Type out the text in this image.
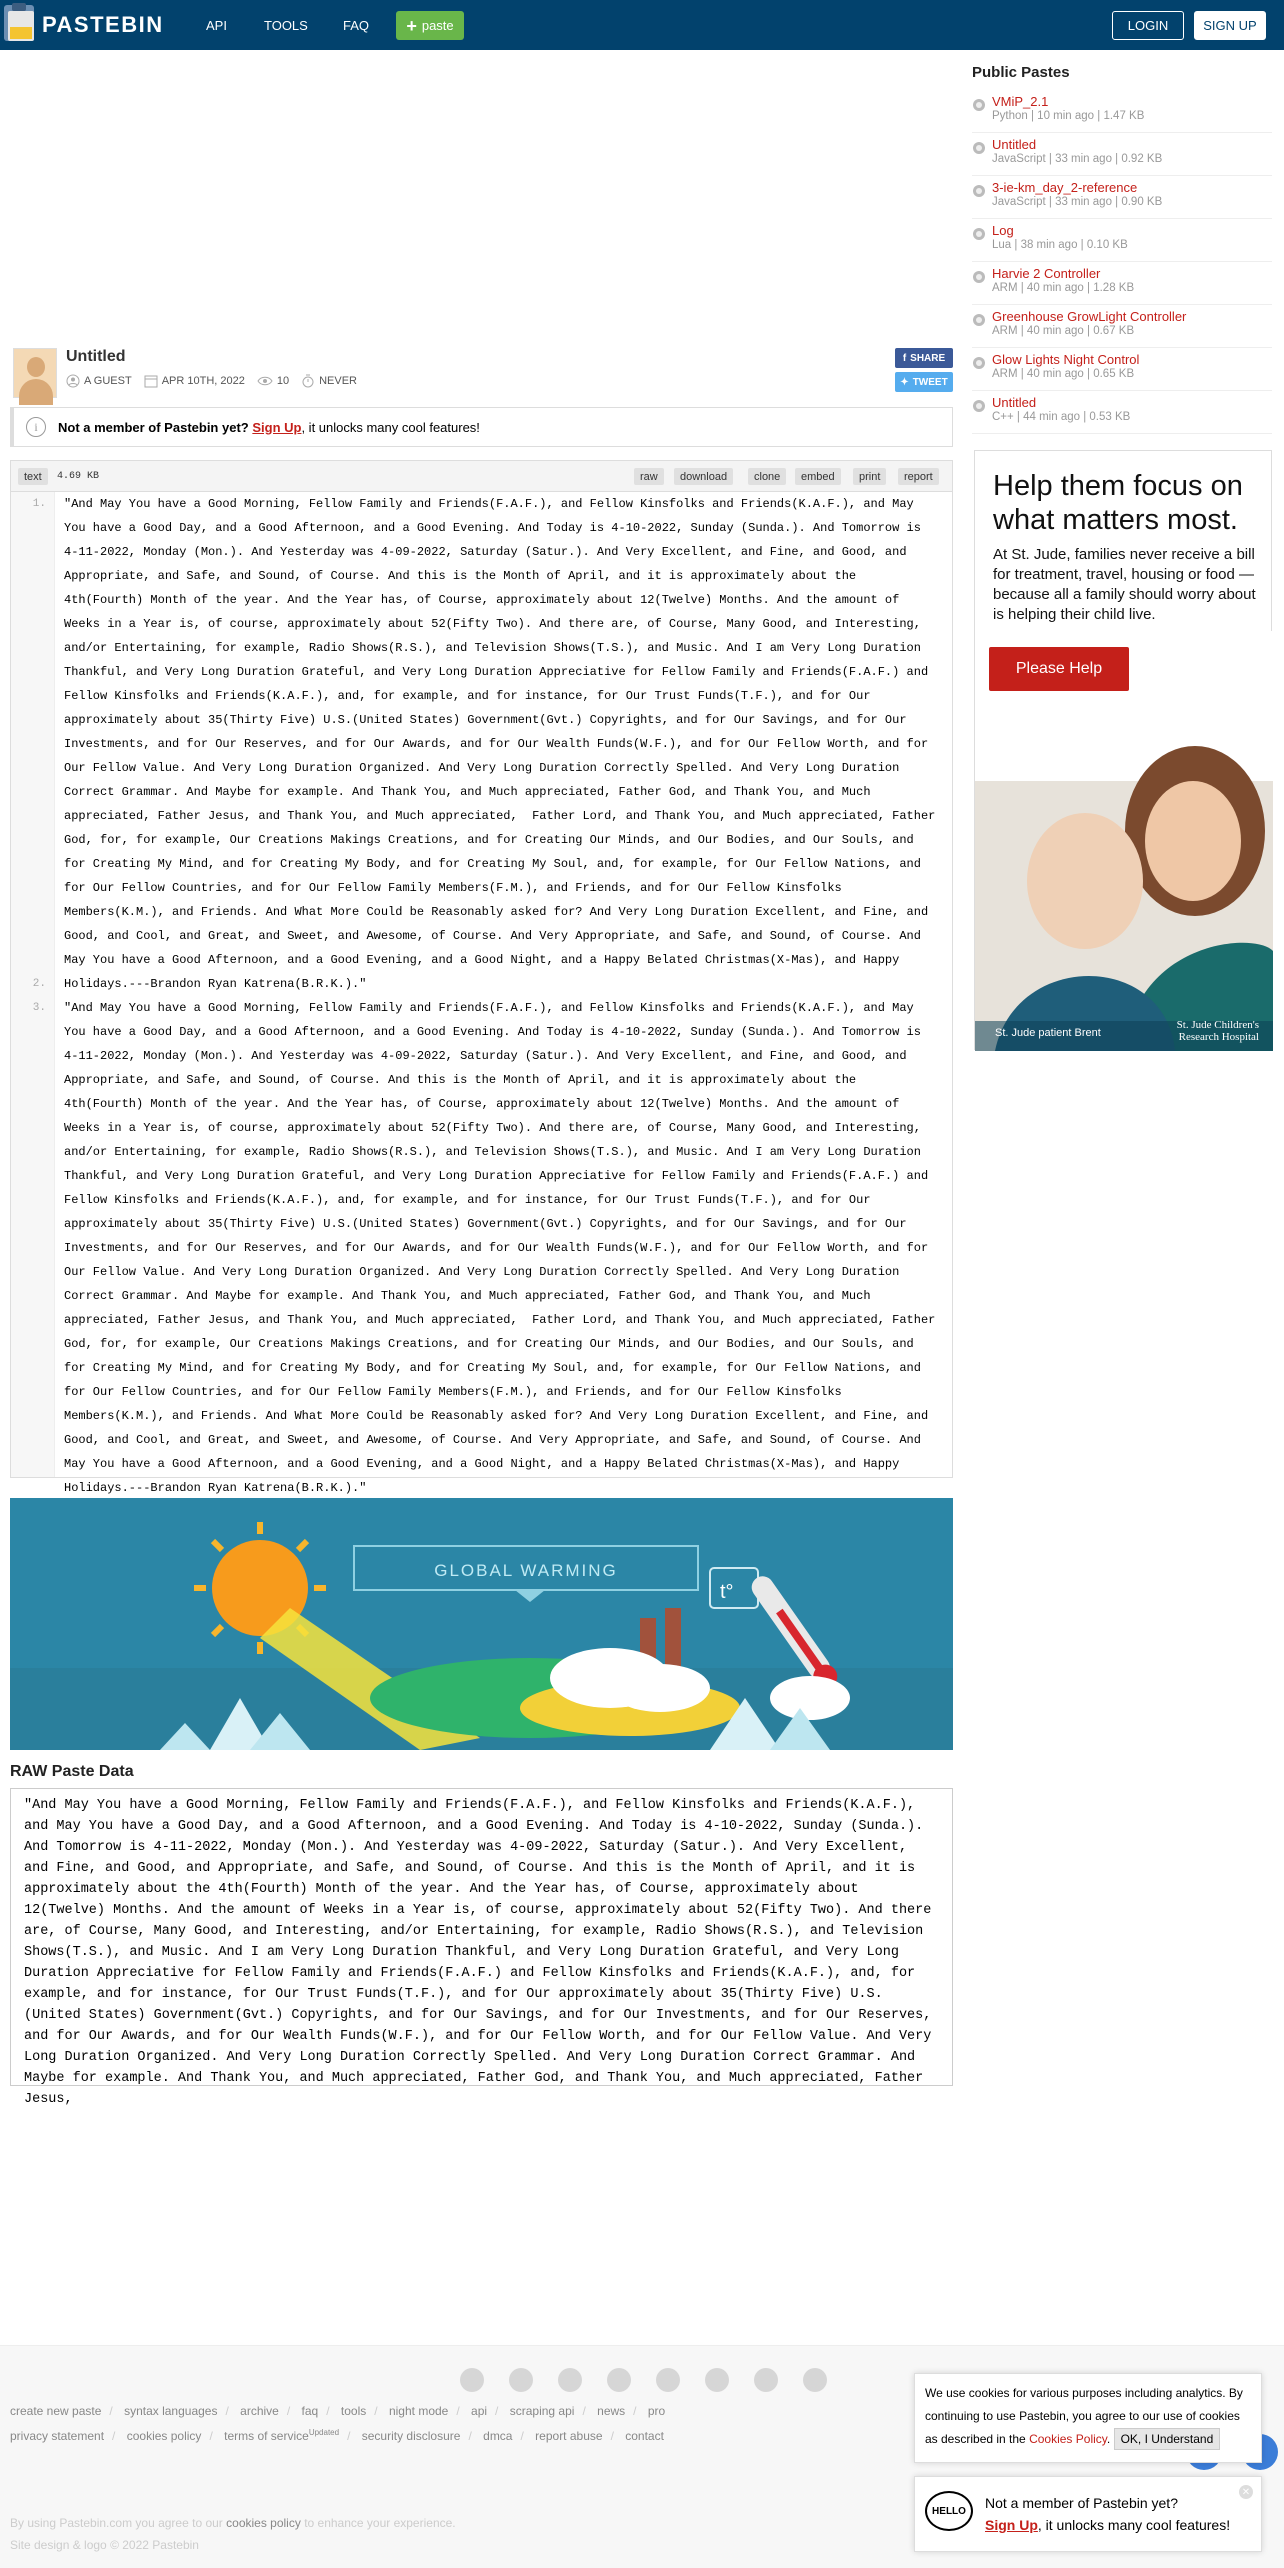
PASTEBIN	API	TOOLS	FAQ + paste	LOGIN	SIGN UP
Untitled
A GUEST	APR 10TH, 2022	10	NEVER
f SHARE
✦ TWEET
i	Not a member of Pastebin yet?
Sign Up , it unlocks many cool features!
text	4.69 KB	raw	download	clone	embed	print	report
1.
2.
3.
"And May You have a Good Morning, Fellow Family and Friends(F.A.F.), and Fellow Kinsfolks and Friends(K.A.F.), and May You have a Good Day, and a Good Afternoon, and a Good Evening. And Today is 4-10-2022, Sunday (Sunda.). And Tomorrow is 4-11-2022, Monday (Mon.). And Yesterday was 4-09-2022, Saturday (Satur.). And Very Excellent, and Fine, and Good, and Appropriate, and Safe, and Sound, of Course. And this is the Month of April, and it is approximately about the 4th(Fourth) Month of the year. And the Year has, of Course, approximately about 12(Twelve) Months. And the amount of Weeks in a Year is, of course, approximately about 52(Fifty Two). And there are, of Course, Many Good, and Interesting, and/or Entertaining, for example, Radio Shows(R.S.), and Television Shows(T.S.), and Music. And I am Very Long Duration Thankful, and Very Long Duration Grateful, and Very Long Duration Appreciative for Fellow Family and Friends(F.A.F.) and Fellow Kinsfolks and Friends(K.A.F.), and, for example, and for instance, for Our Trust Funds(T.F.), and for Our approximately about 35(Thirty Five) U.S.(United States) Government(Gvt.) Copyrights, and for Our Savings, and for Our Investments, and for Our Reserves, and for Our Awards, and for Our Wealth Funds(W.F.), and for Our Fellow Worth, and for Our Fellow Value. And Very Long Duration Organized. And Very Long Duration Correctly Spelled. And Very Long Duration Correct Grammar. And Maybe for example. And Thank You, and Much appreciated, Father God, and Thank You, and Much appreciated, Father Jesus, and Thank You, and Much appreciated,  Father Lord, and Thank You, and Much appreciated, Father God, for, for example, Our Creations Makings Creations, and for Creating Our Minds, and Our Bodies, and Our Souls, and for Creating My Mind, and for Creating My Body, and for Creating My Soul, and, for example, for Our Fellow Nations, and for Our Fellow Countries, and for Our Fellow Family Members(F.M.), and Friends, and for Our Fellow Kinsfolks Members(K.M.), and Friends. And What More Could be Reasonably asked for? And Very Long Duration Excellent, and Fine, and Good, and Cool, and Great, and Sweet, and Awesome, of Course. And Very Appropriate, and Safe, and Sound, of Course. And May You have a Good Afternoon, and a Good Evening, and a Good Night, and a Happy Belated Christmas(X-Mas), and Happy Holidays.---Brandon Ryan Katrena(B.R.K.)."
"And May You have a Good Morning, Fellow Family and Friends(F.A.F.), and Fellow Kinsfolks and Friends(K.A.F.), and May You have a Good Day, and a Good Afternoon, and a Good Evening. And Today is 4-10-2022, Sunday (Sunda.). And Tomorrow is 4-11-2022, Monday (Mon.). And Yesterday was 4-09-2022, Saturday (Satur.). And Very Excellent, and Fine, and Good, and Appropriate, and Safe, and Sound, of Course. And this is the Month of April, and it is approximately about the 4th(Fourth) Month of the year. And the Year has, of Course, approximately about 12(Twelve) Months. And the amount of Weeks in a Year is, of course, approximately about 52(Fifty Two). And there are, of Course, Many Good, and Interesting, and/or Entertaining, for example, Radio Shows(R.S.), and Television Shows(T.S.), and Music. And I am Very Long Duration Thankful, and Very Long Duration Grateful, and Very Long Duration Appreciative for Fellow Family and Friends(F.A.F.) and Fellow Kinsfolks and Friends(K.A.F.), and, for example, and for instance, for Our Trust Funds(T.F.), and for Our approximately about 35(Thirty Five) U.S.(United States) Government(Gvt.) Copyrights, and for Our Savings, and for Our Investments, and for Our Reserves, and for Our Awards, and for Our Wealth Funds(W.F.), and for Our Fellow Worth, and for Our Fellow Value. And Very Long Duration Organized. And Very Long Duration Correctly Spelled. And Very Long Duration Correct Grammar. And Maybe for example. And Thank You, and Much appreciated, Father God, and Thank You, and Much appreciated, Father Jesus, and Thank You, and Much appreciated,  Father Lord, and Thank You, and Much appreciated, Father God, for, for example, Our Creations Makings Creations, and for Creating Our Minds, and Our Bodies, and Our Souls, and for Creating My Mind, and for Creating My Body, and for Creating My Soul, and, for example, for Our Fellow Nations, and for Our Fellow Countries, and for Our Fellow Family Members(F.M.), and Friends, and for Our Fellow Kinsfolks Members(K.M.), and Friends. And What More Could be Reasonably asked for? And Very Long Duration Excellent, and Fine, and Good, and Cool, and Great, and Sweet, and Awesome, of Course. And Very Appropriate, and Safe, and Sound, of Course. And May You have a Good Afternoon, and a Good Evening, and a Good Night, and a Happy Belated Christmas(X-Mas), and Happy Holidays.---Brandon Ryan Katrena(B.R.K.)."
GLOBAL WARMING
t°
RAW Paste Data
"And May You have a Good Morning, Fellow Family and Friends(F.A.F.), and Fellow Kinsfolks and Friends(K.A.F.), and May You have a Good Day, and a Good Afternoon, and a Good Evening. And Today is 4-10-2022, Sunday (Sunda.). And Tomorrow is 4-11-2022, Monday (Mon.). And Yesterday was 4-09-2022, Saturday (Satur.). And Very Excellent, and Fine, and Good, and Appropriate, and Safe, and Sound, of Course. And this is the Month of April, and it is approximately about the 4th(Fourth) Month of the year. And the Year has, of Course, approximately about 12(Twelve) Months. And the amount of Weeks in a Year is, of course, approximately about 52(Fifty Two). And there are, of Course, Many Good, and Interesting, and/or Entertaining, for example, Radio Shows(R.S.), and Television Shows(T.S.), and Music. And I am Very Long Duration Thankful, and Very Long Duration Grateful, and Very Long Duration Appreciative for Fellow Family and Friends(F.A.F.) and Fellow Kinsfolks and Friends(K.A.F.), and, for example, and for instance, for Our Trust Funds(T.F.), and for Our approximately about 35(Thirty Five) U.S.(United States) Government(Gvt.) Copyrights, and for Our Savings, and for Our Investments, and for Our Reserves, and for Our Awards, and for Our Wealth Funds(W.F.), and for Our Fellow Worth, and for Our Fellow Value. And Very Long Duration Organized. And Very Long Duration Correctly Spelled. And Very Long Duration Correct Grammar. And Maybe for example. And Thank You, and Much appreciated, Father God, and Thank You, and Much appreciated, Father Jesus,
Public Pastes
VMiP_2.1
Python | 10 min ago | 1.47 KB
Untitled
JavaScript | 33 min ago | 0.92 KB
3-ie-km_day_2-reference
JavaScript | 33 min ago | 0.90 KB
Log
Lua | 38 min ago | 0.10 KB
Harvie 2 Controller
ARM | 40 min ago | 1.28 KB
Greenhouse GrowLight Controller
ARM | 40 min ago | 0.67 KB
Glow Lights Night Control
ARM | 40 min ago | 0.65 KB
Untitled
C++ | 44 min ago | 0.53 KB
Help them focus on what matters most.
At St. Jude, families never receive a bill for treatment, travel, housing or food — because all a family should worry about is helping their child live.
Please Help
St. Jude patient Brent
St. Jude Children's Research Hospital
create new paste / syntax languages / archive / faq / tools / night mode / api / scraping api / news / pro
privacy statement / cookies policy / terms of service$^{Updated}$ / security disclosure / dmca / report abuse / contact
By using Pastebin.com you agree to our cookies policy to enhance your experience.
Site design & logo © 2022 Pastebin
We use cookies for various purposes including analytics. By continuing to use Pastebin, you agree to our use of cookies as described in the Cookies Policy. OK, I Understand
HELLO	Not a member of Pastebin yet?
Sign Up, it unlocks many cool features!
✕
